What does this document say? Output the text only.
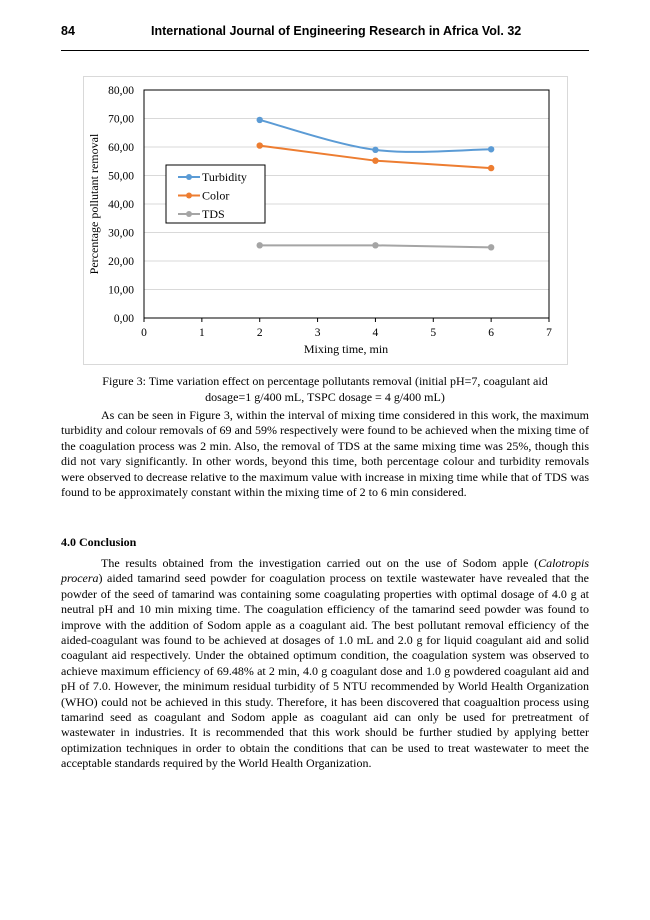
84	International Journal of Engineering Research in Africa Vol. 32
0,00
10,00
20,00
30,00
40,00
50,00
60,00
70,00
80,00
0	1	2	3	4	5	6	7
Percentage pollutant removal
Mixing time, min
Turbidity
Color
TDS
Figure 3: Time variation effect on percentage pollutants removal (initial pH=7, coagulant aid
dosage=1 g/400 mL, TSPC dosage = 4 g/400 mL)

As can be seen in Figure 3, within the interval of mixing time considered in this work, the maximum turbidity and colour removals of 69 and 59% respectively were found to be achieved when the mixing time of the coagulation process was 2 min. Also, the removal of TDS at the same mixing time was 25%, though this did not vary significantly. In other words, beyond this time, both percentage colour and turbidity removals were observed to decrease relative to the maximum value with increase in mixing time while that of TDS was found to be approximately constant within the mixing time of 2 to 6 min considered.

4.0 Conclusion

The results obtained from the investigation carried out on the use of Sodom apple (Calotropis procera) aided tamarind seed powder for coagulation process on textile wastewater have revealed that the powder of the seed of tamarind was containing some coagulating properties with optimal dosage of 4.0 g at neutral pH and 10 min mixing time. The coagulation efficiency of the tamarind seed powder was found to improve with the addition of Sodom apple as a coagulant aid. The best pollutant removal efficiency of the aided-coagulant was found to be achieved at dosages of 1.0 mL and 2.0 g for liquid coagulant aid and solid coagulant aid respectively. Under the obtained optimum condition, the coagulation system was observed to achieve maximum efficiency of 69.48% at 2 min, 4.0 g coagulant dose and 1.0 g powdered coagulant aid and pH of 7.0. However, the minimum residual turbidity of 5 NTU recommended by World Health Organization (WHO) could not be achieved in this study. Therefore, it has been discovered that coagualtion process using tamarind seed as coagulant and Sodom apple as coagulant aid can only be used for pretreatment of wastewater in industries. It is recommended that this work should be further studied by applying better optimization techniques in order to obtain the conditions that can be used to treat wastewater to meet the acceptable standards required by the World Health Organization.
